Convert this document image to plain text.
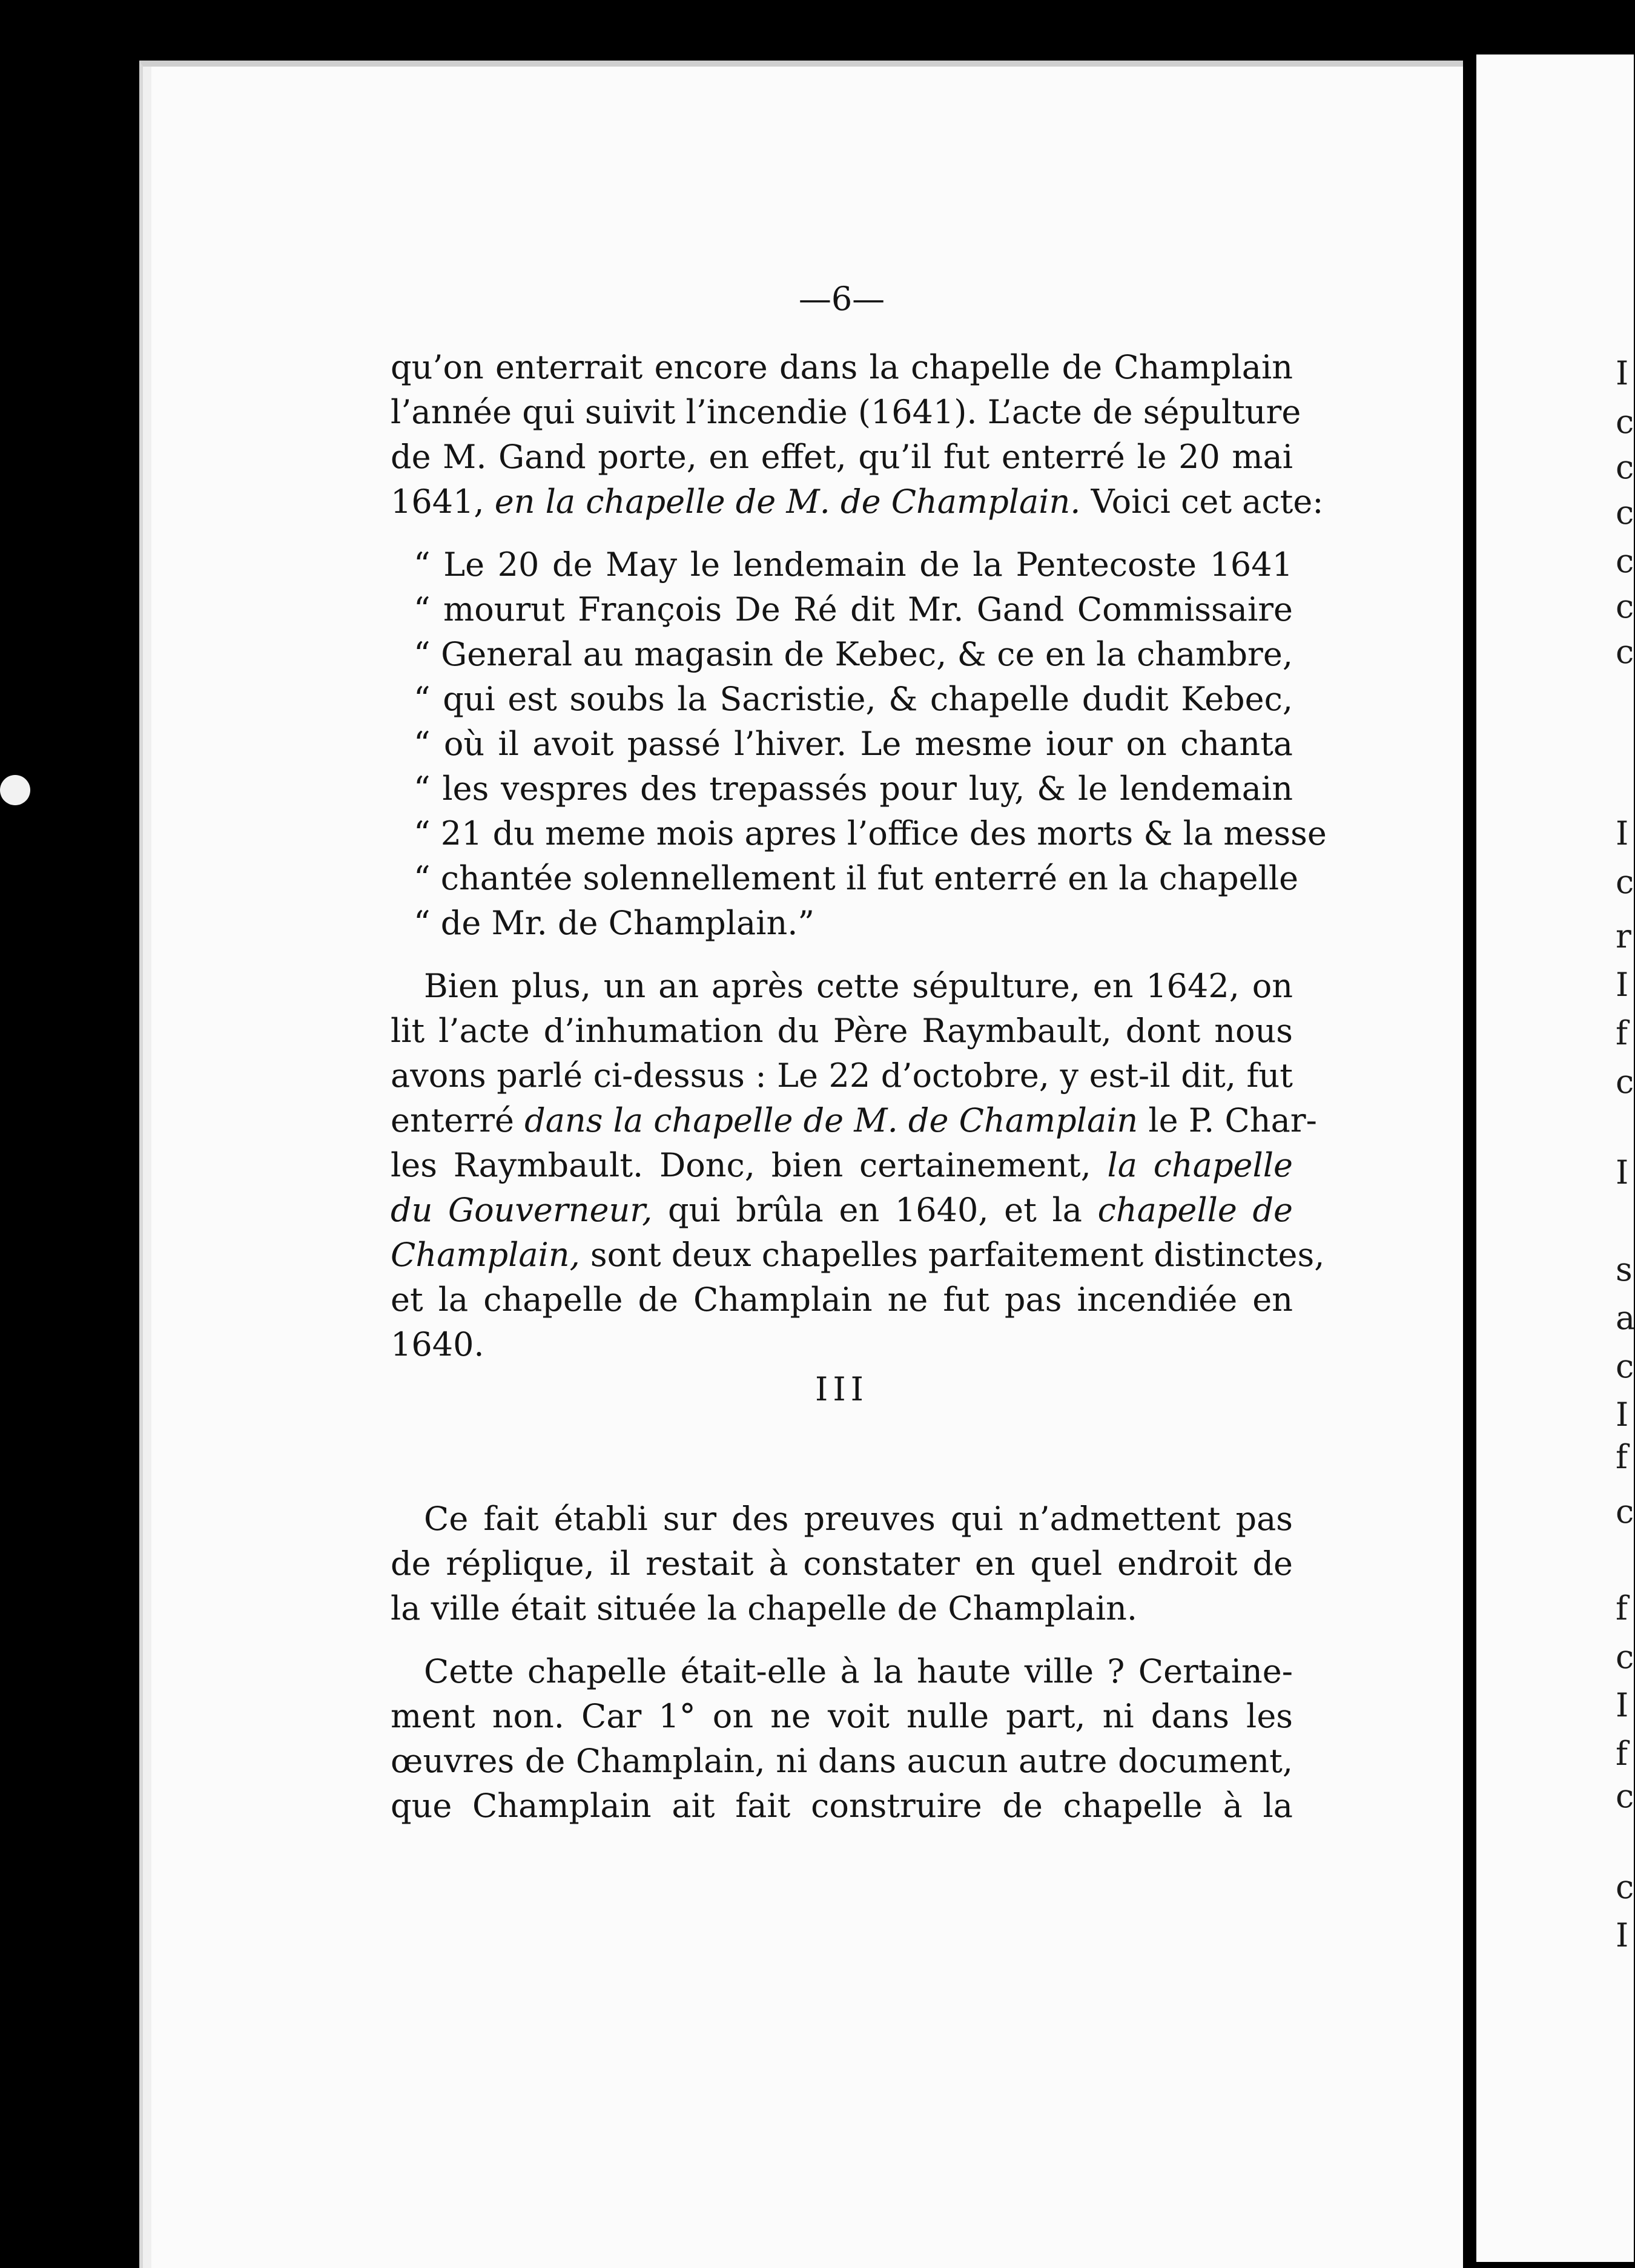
I
c
c
c
c
c
c
I
c
r
I
f
c
I
s
a
c
I
f
c
f
c
I
f
c
c
I
—6—
qu’on enterrait encore dans la chapelle de Champlain
l’année qui suivit l’incendie (1641). L’acte de sépulture
de M. Gand porte, en effet, qu’il fut enterré le 20 mai
1641, en la chapelle de M. de Champlain. Voici cet acte:
“ Le 20 de May le lendemain de la Pentecoste 1641
“ mourut François De Ré dit Mr. Gand Commissaire
“ General au magasin de Kebec, & ce en la chambre,
“ qui est soubs la Sacristie, & chapelle dudit Kebec,
“ où il avoit passé l’hiver. Le mesme iour on chanta
“ les vespres des trepassés pour luy, & le lendemain
“ 21 du meme mois apres l’office des morts & la messe
“ chantée solennellement il fut enterré en la chapelle
“ de Mr. de Champlain.”
Bien plus, un an après cette sépulture, en 1642, on
lit l’acte d’inhumation du Père Raymbault, dont nous
avons parlé ci-dessus : Le 22 d’octobre, y est-il dit, fut
enterré dans la chapelle de M. de Champlain le P. Char-
les Raymbault. Donc, bien certainement, la chapelle
du Gouverneur, qui brûla en 1640, et la chapelle de
Champlain, sont deux chapelles parfaitement distinctes,
et la chapelle de Champlain ne fut pas incendiée en
1640.
III
Ce fait établi sur des preuves qui n’admettent pas
de réplique, il restait à constater en quel endroit de
la ville était située la chapelle de Champlain.
Cette chapelle était-elle à la haute ville ? Certaine-
ment non. Car 1° on ne voit nulle part, ni dans les
œuvres de Champlain, ni dans aucun autre document,
que Champlain ait fait construire de chapelle à la
